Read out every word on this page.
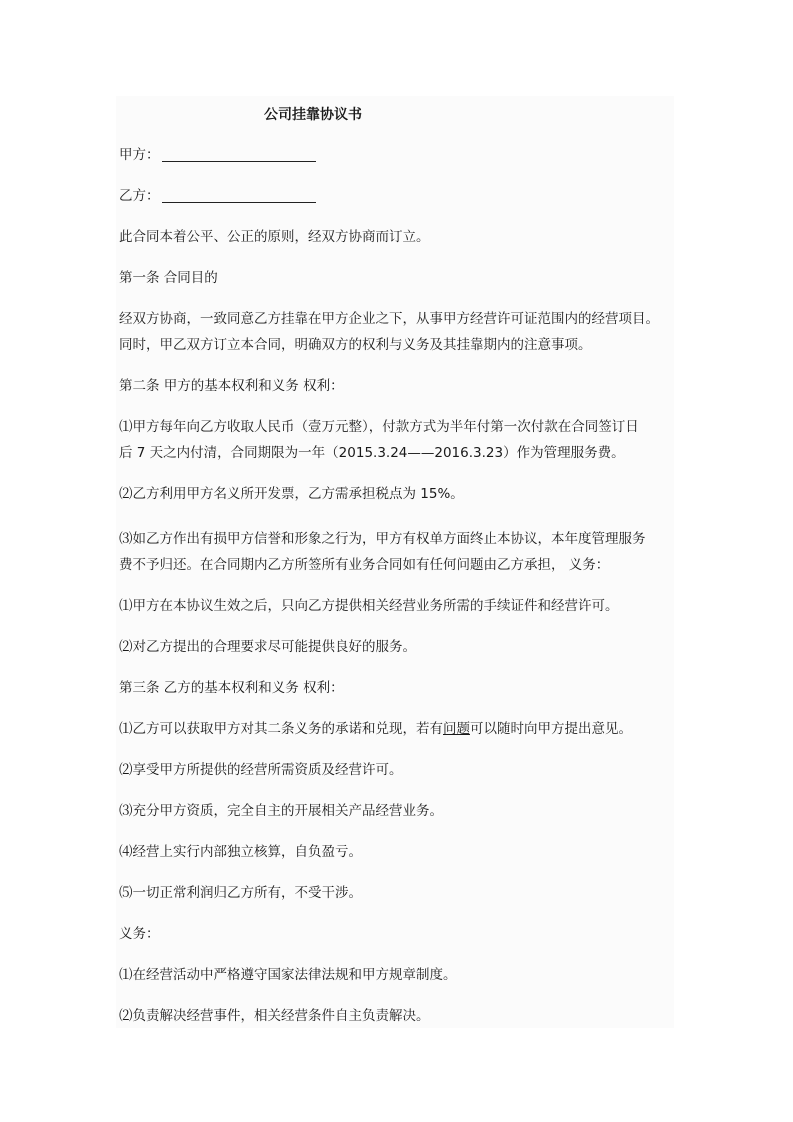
公司挂靠协议书
甲方：
乙方：
此合同本着公平、公正的原则，经双方协商而订立。
第一条 合同目的
经双方协商，一致同意乙方挂靠在甲方企业之下，从事甲方经营许可证范围内的经营项目。
同时，甲乙双方订立本合同，明确双方的权利与义务及其挂靠期内的注意事项。
第二条 甲方的基本权利和义务 权利：
⑴甲方每年向乙方收取人民币（壹万元整），付款方式为半年付第一次付款在合同签订日
后 7 天之内付清，合同期限为一年（2015.3.24——2016.3.23）作为管理服务费。
⑵乙方利用甲方名义所开发票，乙方需承担税点为 15%。
⑶如乙方作出有损甲方信誉和形象之行为，甲方有权单方面终止本协议，本年度管理服务
费不予归还。在合同期内乙方所签所有业务合同如有任何问题由乙方承担， 义务：
⑴甲方在本协议生效之后，只向乙方提供相关经营业务所需的手续证件和经营许可。
⑵对乙方提出的合理要求尽可能提供良好的服务。
第三条 乙方的基本权利和义务 权利：
⑴乙方可以获取甲方对其二条义务的承诺和兑现，若有问题可以随时向甲方提出意见。
⑵享受甲方所提供的经营所需资质及经营许可。
⑶充分甲方资质，完全自主的开展相关产品经营业务。
⑷经营上实行内部独立核算，自负盈亏。
⑸一切正常利润归乙方所有，不受干涉。
义务：
⑴在经营活动中严格遵守国家法律法规和甲方规章制度。
⑵负责解决经营事件，相关经营条件自主负责解决。
